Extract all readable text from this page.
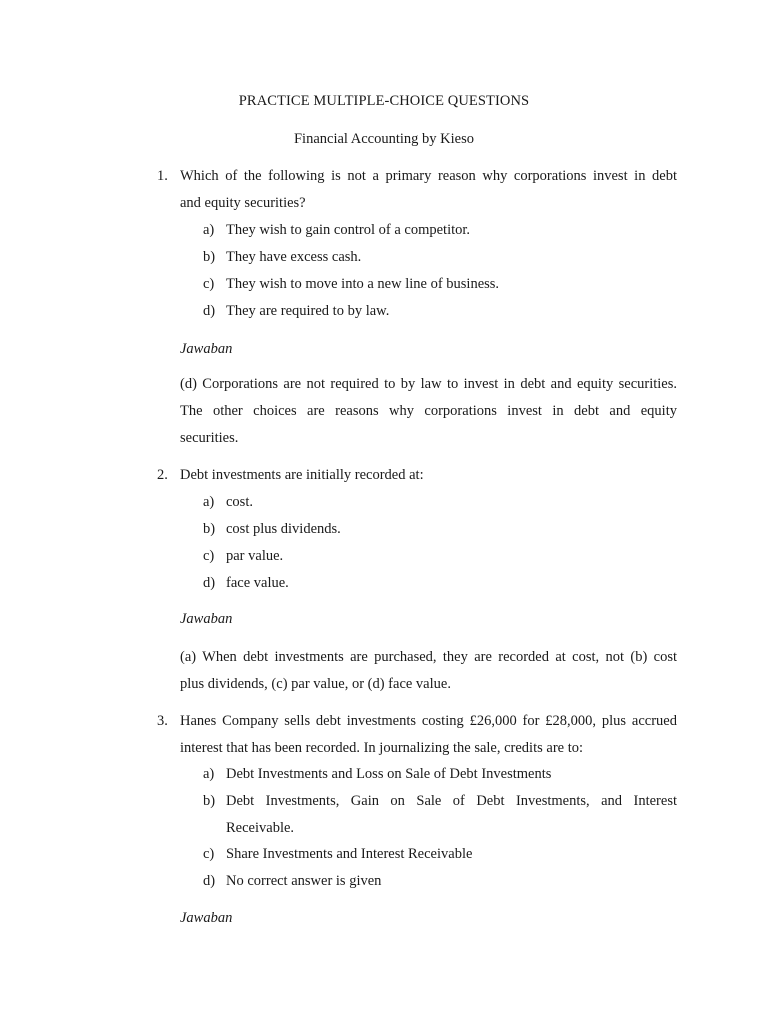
PRACTICE MULTIPLE-CHOICE QUESTIONS
Financial Accounting by Kieso
1. Which of the following is not a primary reason why corporations invest in debt
and equity securities?
a) They wish to gain control of a competitor.
b) They have excess cash.
c) They wish to move into a new line of business.
d) They are required to by law.
Jawaban
(d) Corporations are not required to by law to invest in debt and equity securities.
The other choices are reasons why corporations invest in debt and equity
securities.
2. Debt investments are initially recorded at:
a) cost.
b) cost plus dividends.
c) par value.
d) face value.
Jawaban
(a) When debt investments are purchased, they are recorded at cost, not (b) cost
plus dividends, (c) par value, or (d) face value.
3. Hanes Company sells debt investments costing £26,000 for £28,000, plus accrued
interest that has been recorded. In journalizing the sale, credits are to:
a) Debt Investments and Loss on Sale of Debt Investments
b) Debt Investments, Gain on Sale of Debt Investments, and Interest
Receivable.
c) Share Investments and Interest Receivable
d) No correct answer is given
Jawaban
